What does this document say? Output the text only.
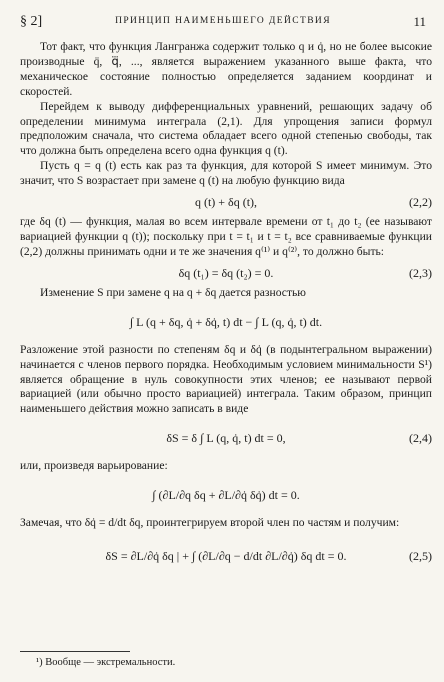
§ 2]	ПРИНЦИП НАИМЕНЬШЕГО ДЕЙСТВИЯ	11

Тот факт, что функция Лангранжа содержит только q и q̇, но не более высокие производные q̈, q⃛, ..., является выражением указанного выше факта, что механическое состояние полностью определяется заданием координат и скоростей.

Перейдем к выводу дифференциальных уравнений, решающих задачу об определении минимума интеграла (2,1). Для упрощения записи формул предположим сначала, что система обладает всего одной степенью свободы, так что должна быть определена всего одна функция q (t).

Пусть q = q (t) есть как раз та функция, для которой S имеет минимум. Это значит, что S возрастает при замене q (t) на любую функцию вида

q (t) + δq (t),	(2,2)

где δq (t) — функция, малая во всем интервале времени от t₁ до t₂ (ее называют вариацией функции q (t)); поскольку при t = t₁ и t = t₂ все сравниваемые функции (2,2) должны принимать одни и те же значения q⁽¹⁾ и q⁽²⁾, то должно быть:

δq (t₁) = δq (t₂) = 0.	(2,3)

Изменение S при замене q на q + δq дается разностью

∫ L (q + δq, q̇ + δq̇, t) dt − ∫ L (q, q̇, t) dt.

Разложение этой разности по степеням δq и δq̇ (в подынтегральном выражении) начинается с членов первого порядка. Необходимым условием минимальности S¹) является обращение в нуль совокупности этих членов; ее называют первой вариацией (или обычно просто вариацией) интеграла. Таким образом, принцип наименьшего действия можно записать в виде

δS = δ ∫ L (q, q̇, t) dt = 0,	(2,4)

или, произведя варьирование:

∫ (∂L/∂q δq + ∂L/∂q̇ δq̇) dt = 0.

Замечая, что δq̇ = d/dt δq, проинтегрируем второй член по частям и получим:

δS = ∂L/∂q̇ δq | + ∫ (∂L/∂q − d/dt ∂L/∂q̇) δq dt = 0.	(2,5)
¹) Вообще — экстремальности.
